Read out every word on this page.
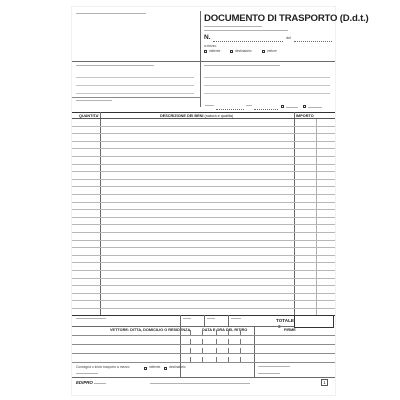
DOCUMENTO DI TRASPORTO (D.d.t.)
N.	del
a mezzo:
mittente	destinatario	vettore
QUANTITA'	DESCRIZIONE DEI BENI (natura e qualità)	IMPORTO
TOTALE
€
VETTORE: DITTA, DOMICILIO O RESIDENZA	DATA E ORA DEL RITIRO	FIRME
Consegna o inizio trasporto a mezzo	mittente	destinatario
EDIPRO	1
